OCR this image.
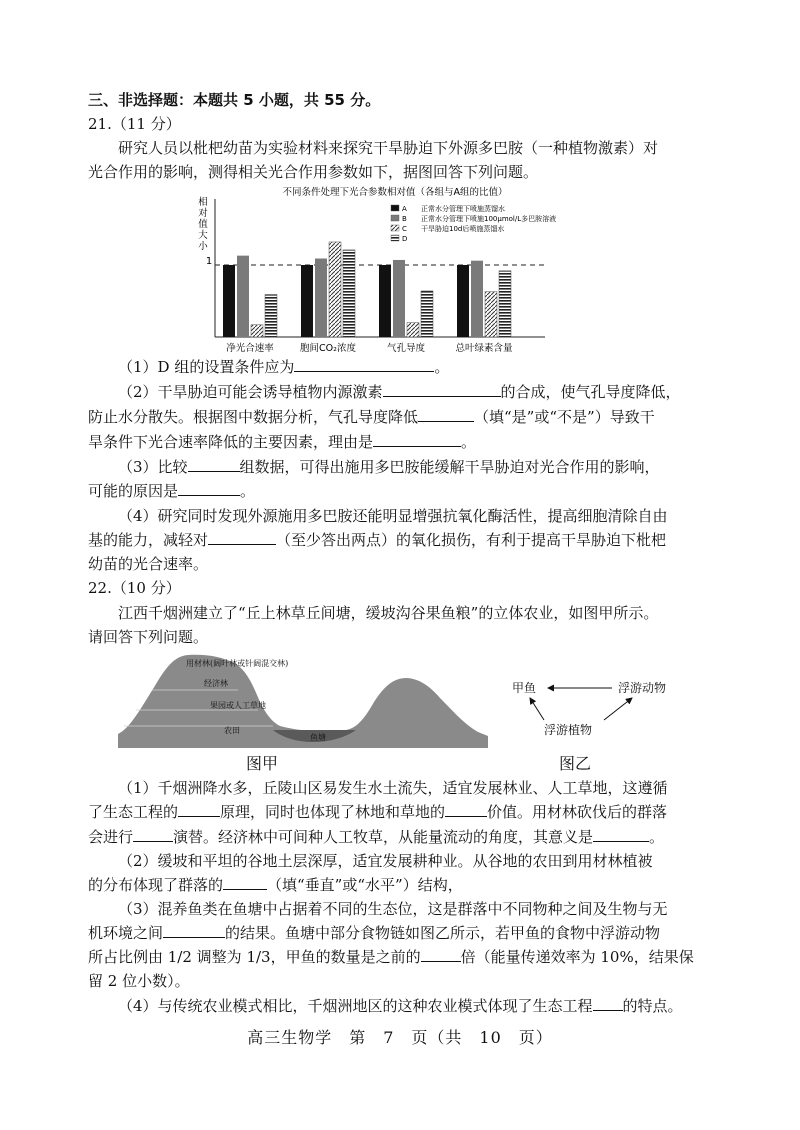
三、非选择题：本题共 5 小题，共 55 分。
21.（11 分）
研究人员以枇杷幼苗为实验材料来探究干旱胁迫下外源多巴胺（一种植物激素）对
光合作用的影响，测得相关光合作用参数如下，据图回答下列问题。
不同条件处理下光合参数相对值（各组与A组的比值）
相
对
值
大
小
1
净光合速率	胞间CO₂浓度	气孔导度	总叶绿素含量
A 正常水分管理下喷施蒸馏水
B 正常水分管理下喷施100μmol/L多巴胺溶液
C 干旱胁迫10d后喷施蒸馏水
D
（1）D 组的设置条件应为	。
（2）干旱胁迫可能会诱导植物内源激素	的合成，使气孔导度降低，
防止水分散失。根据图中数据分析，气孔导度降低	（填“是”或“不是”）导致干
旱条件下光合速率降低的主要因素，理由是	。
（3）比较	组数据，可得出施用多巴胺能缓解干旱胁迫对光合作用的影响，
可能的原因是	。
（4）研究同时发现外源施用多巴胺还能明显增强抗氧化酶活性，提高细胞清除自由
基的能力，减轻对	（至少答出两点）的氧化损伤，有利于提高干旱胁迫下枇杷
幼苗的光合速率。
22.（10 分）
江西千烟洲建立了“丘上林草丘间塘，缓坡沟谷果鱼粮”的立体农业，如图甲所示。
请回答下列问题。
用材林(阔叶林或针阔混交林)
经济林
果园或人工草地
农田
鱼塘
甲鱼	浮游动物
浮游植物
图甲	图乙
（1）千烟洲降水多，丘陵山区易发生水土流失，适宜发展林业、人工草地，这遵循
了生态工程的	原理，同时也体现了林地和草地的	价值。用材林砍伐后的群落
会进行	演替。经济林中可间种人工牧草，从能量流动的角度，其意义是	。
（2）缓坡和平坦的谷地土层深厚，适宜发展耕种业。从谷地的农田到用材林植被
的分布体现了群落的	（填“垂直”或“水平”）结构，
（3）混养鱼类在鱼塘中占据着不同的生态位，这是群落中不同物种之间及生物与无
机环境之间	的结果。鱼塘中部分食物链如图乙所示，若甲鱼的食物中浮游动物
所占比例由 1/2 调整为 1/3，甲鱼的数量是之前的	倍（能量传递效率为 10%，结果保
留 2 位小数）。
（4）与传统农业模式相比，千烟洲地区的这种农业模式体现了生态工程 的特点。
高三生物学　第　7　页（共　10　页）
